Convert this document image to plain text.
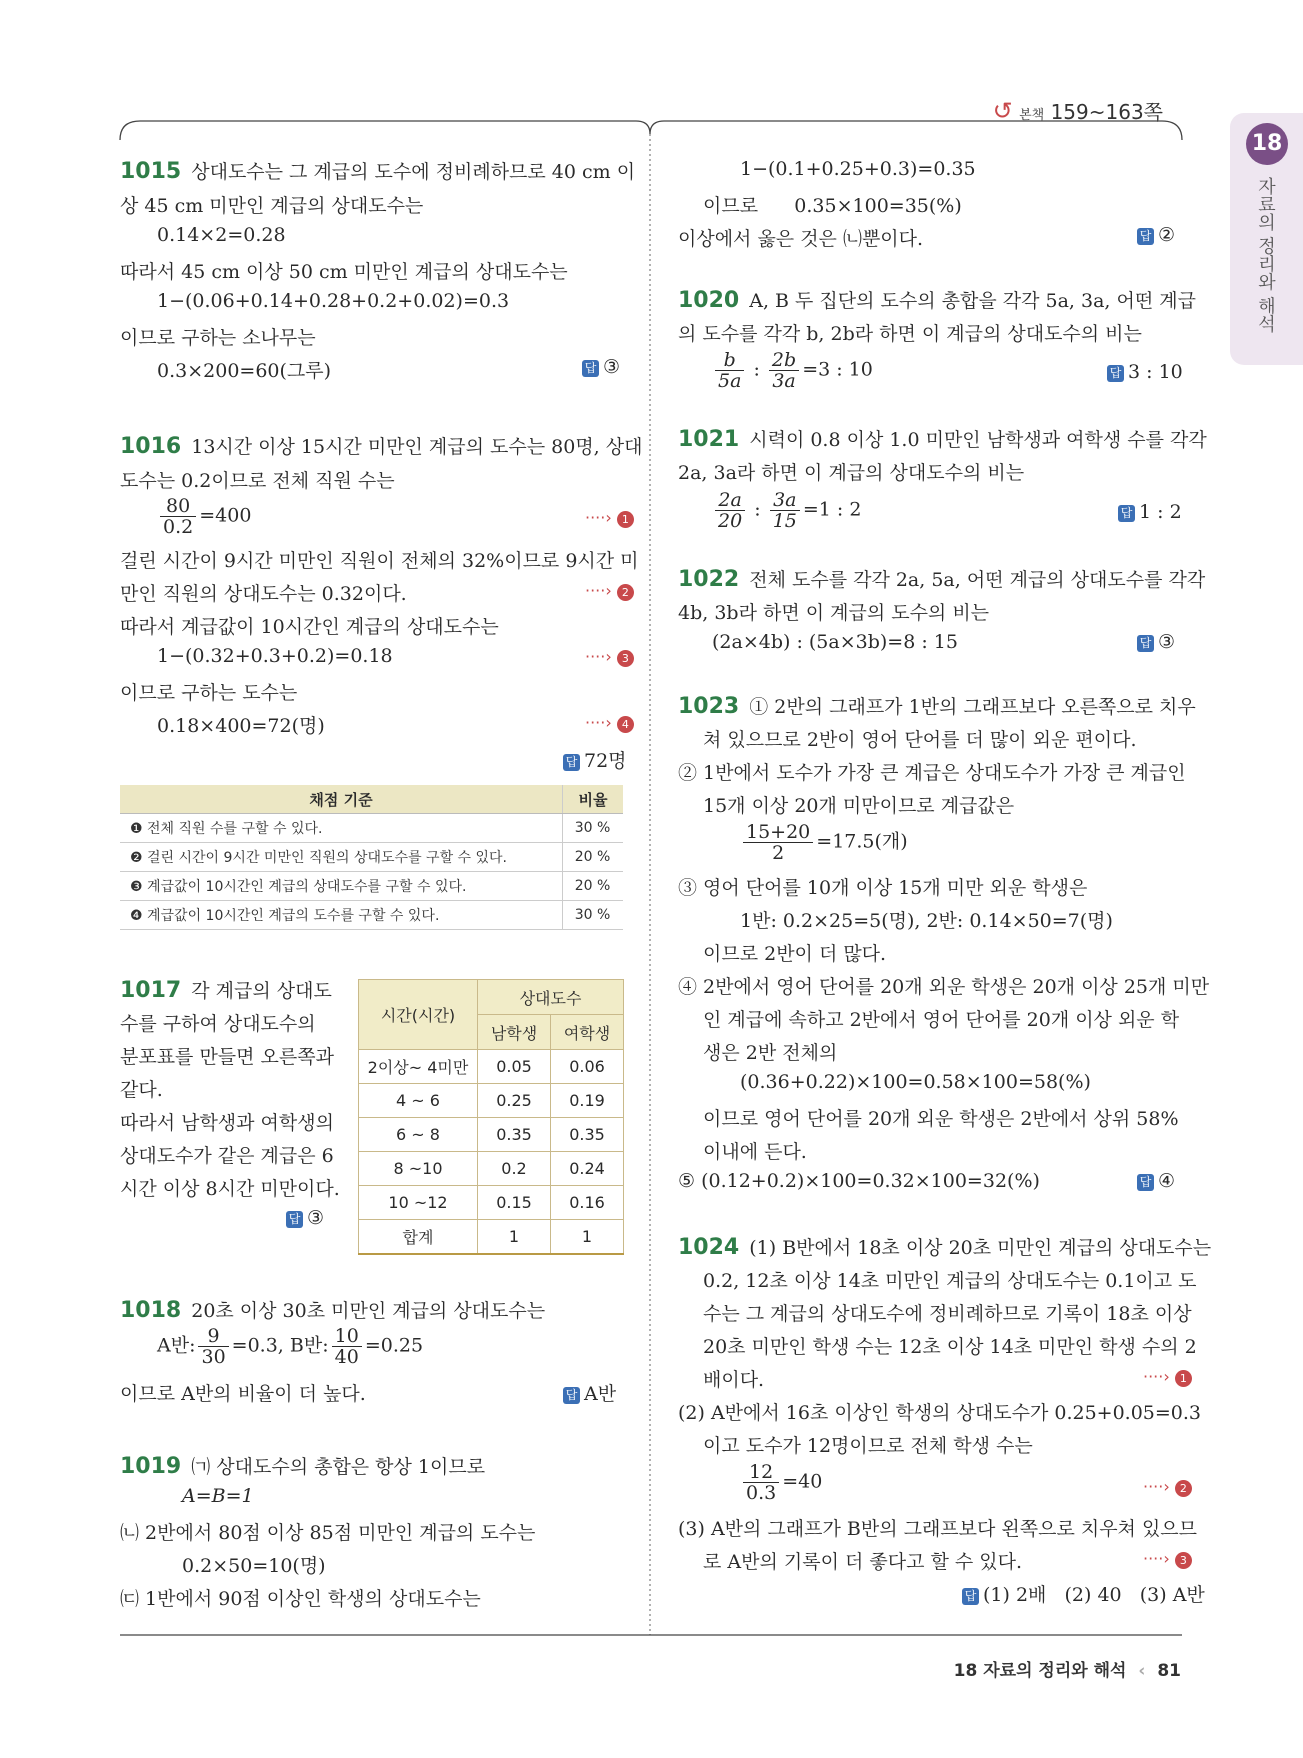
↺ 본책 159~163쪽
18
자료의 정리와 해석
1015 상대도수는 그 계급의 도수에 정비례하므로 40 cm 이
상 45 cm 미만인 계급의 상대도수는
0.14×2=0.28
따라서 45 cm 이상 50 cm 미만인 계급의 상대도수는
1−(0.06+0.14+0.28+0.2+0.02)=0.3
이므로 구하는 소나무는
0.3×200=60(그루)	답 ③
1016 13시간 이상 15시간 미만인 계급의 도수는 80명, 상대
도수는 0.2이므로 전체 직원 수는
$\frac{80}{0.2} =400$	····› 1
걸린 시간이 9시간 미만인 직원이 전체의 32%이므로 9시간 미
만인 직원의 상대도수는 0.32이다.	····› 2
따라서 계급값이 10시간인 계급의 상대도수는
1−(0.32+0.3+0.2)=0.18	····› 3
이므로 구하는 도수는
0.18×400=72(명)	····› 4
답 72명
채점 기준	비율
❶ 전체 직원 수를 구할 수 있다.	30 %
❷ 걸린 시간이 9시간 미만인 직원의 상대도수를 구할 수 있다.	20 %
❸ 계급값이 10시간인 계급의 상대도수를 구할 수 있다.	20 %
❹ 계급값이 10시간인 계급의 도수를 구할 수 있다.	30 %
1017 각 계급의 상대도
수를 구하여 상대도수의
분포표를 만들면 오른쪽과
같다.
따라서 남학생과 여학생의
상대도수가 같은 계급은 6
시간 이상 8시간 미만이다.
답 ③
시간(시간)	상대도수	
	남학생	여학생
2이상~ 4미만	0.05	0.06
4 ~ 6	0.25	0.19
6 ~ 8	0.35	0.35
8 ~10	0.2	0.24
10 ~12	0.15	0.16
합계	1	1
1018 20초 이상 30초 미만인 계급의 상대도수는
A반: $\frac{9}{30} =0.3$, B반: $\frac{10}{40} =0.25$
이므로 A반의 비율이 더 높다.	답 A반
1019 ㈀ 상대도수의 총합은 항상 1이므로
A=B=1
㈁ 2반에서 80점 이상 85점 미만인 계급의 도수는
0.2×50=10(명)
㈂ 1반에서 90점 이상인 학생의 상대도수는
1−(0.1+0.25+0.3)=0.35
이므로      0.35×100=35(%)
이상에서 옳은 것은 ㈁뿐이다.	답 ②
1020 A, B 두 집단의 도수의 총합을 각각 5a, 3a, 어떤 계급
의 도수를 각각 b, 2b라 하면 이 계급의 상대도수의 비는
$\frac{b}{5a}$ : $\frac{2b}{3a} =3$ : 10	답 3 : 10
1021 시력이 0.8 이상 1.0 미만인 남학생과 여학생 수를 각각
2a, 3a라 하면 이 계급의 상대도수의 비는
$\frac{2a}{20}$ : $\frac{3a}{15} =1$ : 2	답 1 : 2
1022 전체 도수를 각각 2a, 5a, 어떤 계급의 상대도수를 각각
4b, 3b라 하면 이 계급의 도수의 비는
(2a×4b) : (5a×3b)=8 : 15	답 ③
1023 ① 2반의 그래프가 1반의 그래프보다 오른쪽으로 치우
쳐 있으므로 2반이 영어 단어를 더 많이 외운 편이다.
② 1반에서 도수가 가장 큰 계급은 상대도수가 가장 큰 계급인
15개 이상 20개 미만이므로 계급값은
$\frac{15+20}{2} =17.5$(개)
③ 영어 단어를 10개 이상 15개 미만 외운 학생은
1반: 0.2×25=5(명), 2반: 0.14×50=7(명)
이므로 2반이 더 많다.
④ 2반에서 영어 단어를 20개 외운 학생은 20개 이상 25개 미만
인 계급에 속하고 2반에서 영어 단어를 20개 이상 외운 학
생은 2반 전체의
(0.36+0.22)×100=0.58×100=58(%)
이므로 영어 단어를 20개 외운 학생은 2반에서 상위 58%
이내에 든다.
⑤ (0.12+0.2)×100=0.32×100=32(%)	답 ④
1024 (1) B반에서 18초 이상 20초 미만인 계급의 상대도수는
0.2, 12초 이상 14초 미만인 계급의 상대도수는 0.1이고 도
수는 그 계급의 상대도수에 정비례하므로 기록이 18초 이상
20초 미만인 학생 수는 12초 이상 14초 미만인 학생 수의 2
배이다.	····› 1
(2) A반에서 16초 이상인 학생의 상대도수가 0.25+0.05=0.3
이고 도수가 12명이므로 전체 학생 수는
$\frac{12}{0.3} =40$	····› 2
(3) A반의 그래프가 B반의 그래프보다 왼쪽으로 치우쳐 있으므
로 A반의 기록이 더 좋다고 할 수 있다.	····› 3
답 (1) 2배   (2) 40   (3) A반
18 자료의 정리와 해석 ‹ 81
